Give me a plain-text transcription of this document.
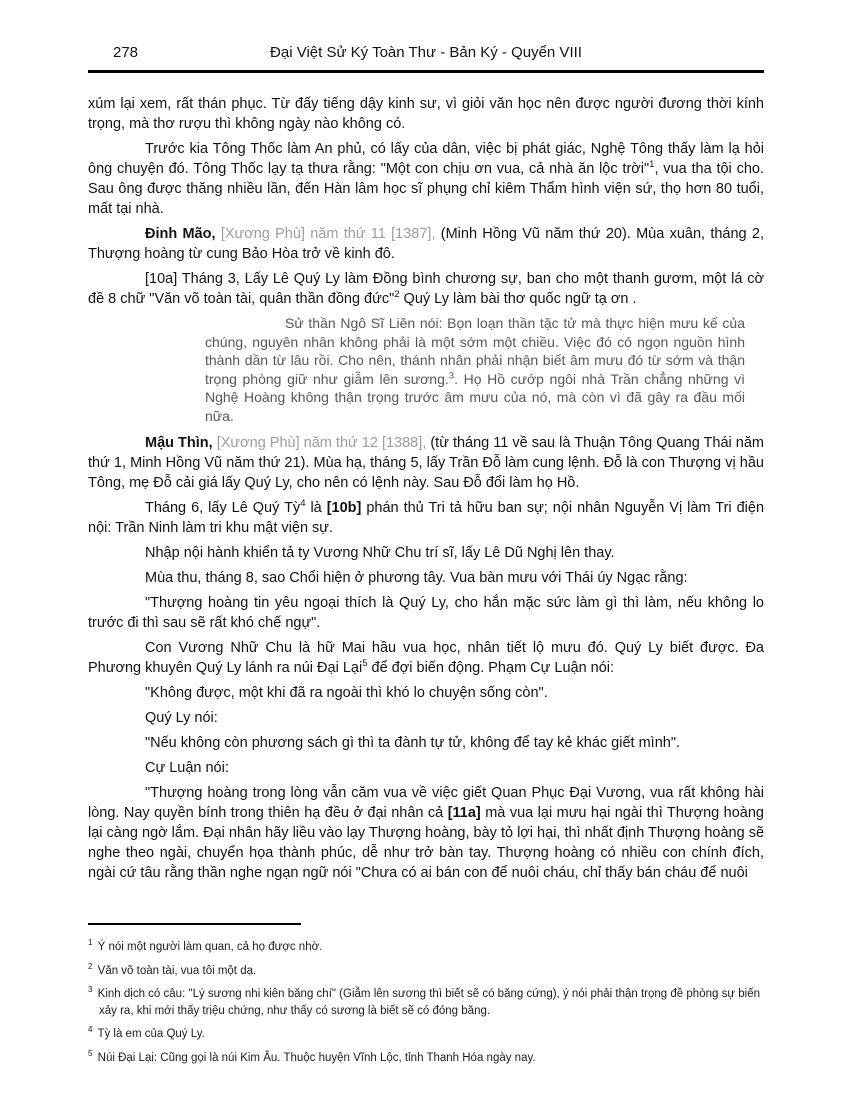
278	Đại Việt Sử Ký Toàn Thư - Bản Ký - Quyển VIII

xúm lại xem, rất thán phục. Từ đấy tiếng dậy kinh sư, vì giỏi văn học nên được người đương thời kính trọng, mà thơ rượu thì không ngày nào không có.

Trước kia Tông Thốc làm An phủ, có lấy của dân, việc bị phát giác, Nghệ Tông thấy làm lạ hỏi ông chuyện đó. Tông Thốc lạy tạ thưa rằng: "Một con chịu ơn vua, cả nhà ăn lộc trời"$^1$, vua tha tội cho. Sau ông được thăng nhiều lần, đến Hàn lâm học sĩ phụng chỉ kiêm Thẩm hình viện sứ, thọ hơn 80 tuổi, mất tại nhà.

Đinh Mão, [Xương Phù] năm thứ 11 [1387], (Minh Hồng Vũ năm thứ 20). Mùa xuân, tháng 2, Thượng hoàng từ cung Bảo Hòa trở về kinh đô.

[10a] Tháng 3, Lấy Lê Quý Ly làm Đồng bình chương sự, ban cho một thanh gươm, một lá cờ đề 8 chữ "Văn võ toàn tài, quân thần đồng đức"$^2$ Quý Ly làm bài thơ quốc ngữ tạ ơn .

Sử thần Ngô Sĩ Liên nói: Bọn loạn thần tặc tử mà thực hiện mưu kế của chúng, nguyên nhân không phải là một sớm một chiều. Việc đó có ngọn nguồn hình thành dần từ lâu rồi. Cho nên, thánh nhân phải nhận biết âm mưu đó từ sớm và thận trọng phòng giữ như giẫm lên sương.$^3$. Họ Hồ cướp ngôi nhà Trần chẳng những vì Nghệ Hoàng không thận trọng trước âm mưu của nó, mà còn vì đã gây ra đầu mối nữa.

Mậu Thìn, [Xương Phù] năm thứ 12 [1388], (từ tháng 11 về sau là Thuận Tông Quang Thái năm thứ 1, Minh Hồng Vũ năm thứ 21). Mùa hạ, tháng 5, lấy Trần Đỗ làm cung lệnh. Đỗ là con Thượng vị hầu Tông, mẹ Đỗ cải giá lấy Quý Ly, cho nên có lệnh này. Sau Đỗ đổi làm họ Hồ.

Tháng 6, lấy Lê Quý Tỳ$^4$ là [10b] phán thủ Tri tả hữu ban sự; nội nhân Nguyễn Vị làm Tri điện nội: Trần Ninh làm tri khu mật viện sự.

Nhập nội hành khiển tả ty Vương Nhữ Chu trí sĩ, lấy Lê Dũ Nghị lên thay.

Mùa thu, tháng 8, sao Chổi hiện ở phương tây. Vua bàn mưu với Thái úy Ngạc rằng:

"Thượng hoàng tin yêu ngoại thích là Quý Ly, cho hắn mặc sức làm gì thì làm, nếu không lo trước đi thì sau sẽ rất khó chế ngự".

Con Vương Nhữ Chu là hữ Mai hầu vua học, nhân tiết lộ mưu đó. Quý Ly biết được. Đa Phương khuyên Quý Ly lánh ra núi Đại Lại$^5$ để đợi biến động. Phạm Cự Luận nói:

"Không được, một khi đã ra ngoài thì khó lo chuyện sống còn".

Quý Ly nói:

"Nếu không còn phương sách gì thì ta đành tự tử, không để tay kẻ khác giết mình".

Cự Luận nói:

"Thượng hoàng trong lòng vẫn căm vua về việc giết Quan Phục Đại Vương, vua rất không hài lòng. Nay quyền bính trong thiên hạ đều ở đại nhân cả [11a] mà vua lại mưu hại ngài thì Thượng hoàng lại càng ngờ lắm. Đại nhân hãy liều vào lạy Thượng hoàng, bày tỏ lợi hại, thì nhất định Thượng hoàng sẽ nghe theo ngài, chuyển họa thành phúc, dễ như trở bàn tay. Thượng hoàng có nhiều con chính đích, ngài cứ tâu rằng thần nghe ngạn ngữ nói "Chưa có ai bán con để nuôi cháu, chỉ thấy bán cháu để nuôi

$^1$ Ý nói một người làm quan, cả họ được nhờ.

$^2$ Văn võ toàn tài, vua tôi một dạ.

$^3$ Kinh dịch có câu: "Lý sương nhi kiên băng chí" (Giẫm lên sương thì biết sẽ có băng cứng), ý nói phải thận trọng đề phòng sự biến xảy ra, khi mới thấy triệu chứng, như thấy có sương là biết sẽ có đóng băng.

$^4$ Tỳ là em của Quý Ly.

$^5$ Núi Đại Lại: Cũng gọi là núi Kim Âu. Thuộc huyện Vĩnh Lộc, tỉnh Thanh Hóa ngày nay.
